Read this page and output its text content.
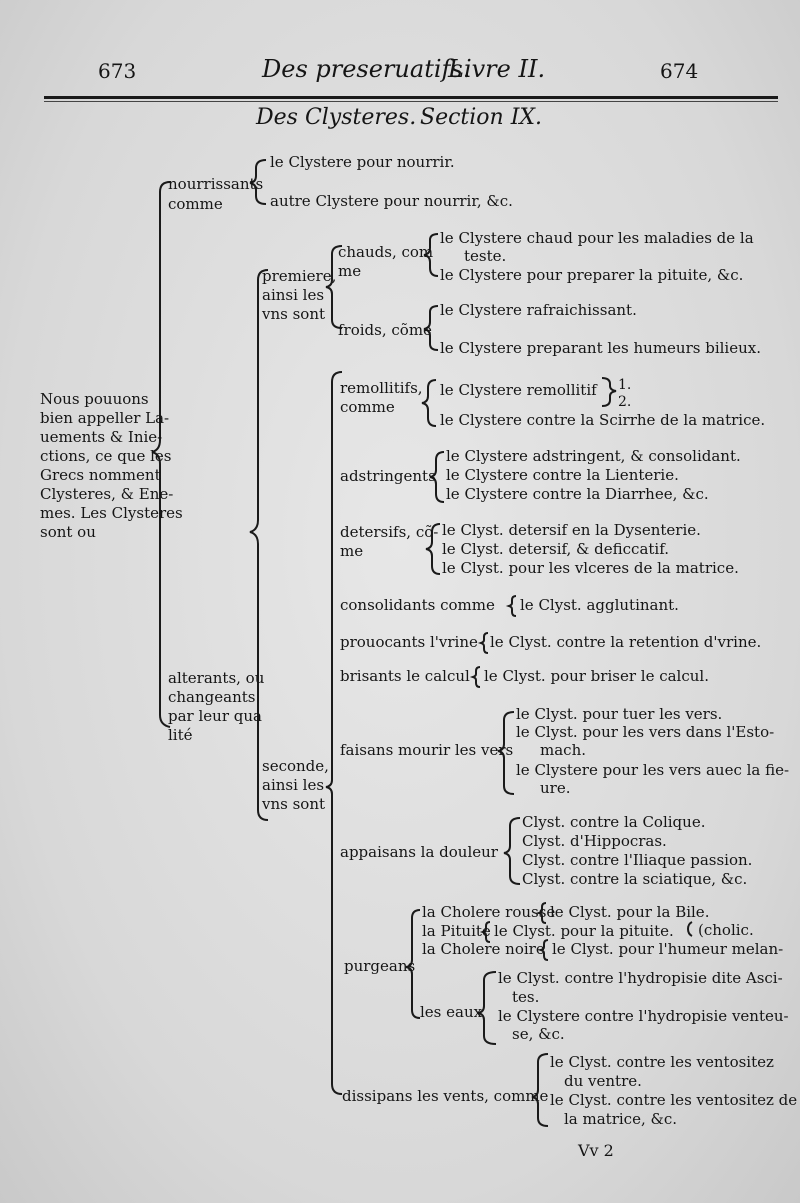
673	Des preseruatifs.
Livre II.	674
Des Clysteres. Section IX.
Nous pouuons
bien appeller La-
uements & Inie-
ctions, ce que les
Grecs nomment
Clysteres, & Ene-
mes. Les Clysteres
sont ou
nourrissants
comme
le Clystere pour nourrir.
autre Clystere pour nourrir, &c.
alterants, ou
changeants
par leur qua
lité
premiere,
ainsi les
vns sont
chauds, com
me
le Clystere chaud pour les maladies de la
teste.
le Clystere pour preparer la pituite, &c.
froids, cõme
le Clystere rafraichissant.
le Clystere preparant les humeurs bilieux.
seconde,
ainsi les
vns sont
remollitifs,
comme
le Clystere remollitif 1.
2.
le Clystere contre la Scirrhe de la matrice.
adstringents
le Clystere adstringent, & consolidant.
le Clystere contre la Lienterie.
le Clystere contre la Diarrhee, &c.
detersifs, cõ-
me
le Clyst. detersif en la Dysenterie.
le Clyst. detersif, & deficcatif.
le Clyst. pour les vlceres de la matrice.
consolidants comme le Clyst. agglutinant.
prouocants l'vrine le Clyst. contre la retention d'vrine.
brisants le calcul le Clyst. pour briser le calcul.
faisans mourir les vers
le Clyst. pour tuer les vers.
le Clyst. pour les vers dans l'Esto-
mach.
le Clystere pour les vers auec la fie-
ure.
appaisans la douleur
Clyst. contre la Colique.
Clyst. d'Hippocras.
Clyst. contre l'Iliaque passion.
Clyst. contre la sciatique, &c.
purgeans
la Cholere rousse
le Clyst. pour la Bile.
la Pituite le Clyst. pour la pituite. (cholic.
la Cholere noire le Clyst. pour l'humeur melan-
les eaux
le Clyst. contre l'hydropisie dite Asci-
tes.
le Clystere contre l'hydropisie venteu-
se, &c.
dissipans les vents, comme
le Clyst. contre les ventositez
du ventre.
le Clyst. contre les ventositez de
la matrice, &c.
Vv 2
